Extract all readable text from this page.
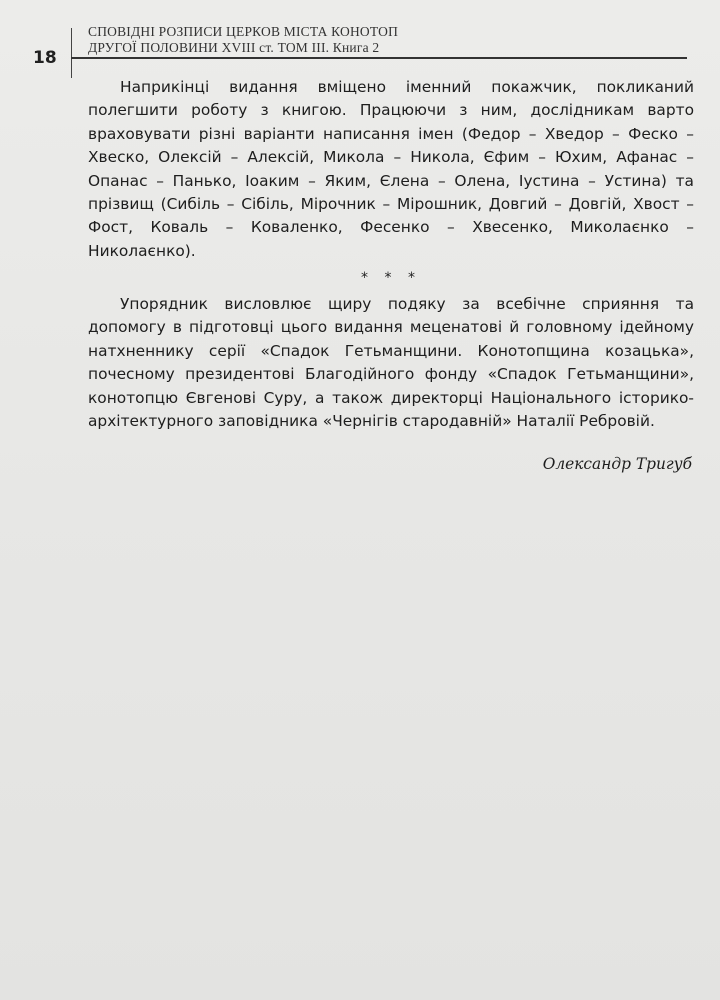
18
СПОВІДНІ РОЗПИСИ ЦЕРКОВ МІСТА КОНОТОП
ДРУГОЇ ПОЛОВИНИ XVIII ст. ТОМ III. Книга 2

Наприкінці видання вміщено іменний покажчик, покликаний полегшити роботу з книгою. Працюючи з ним, дослідникам варто враховувати різні варіанти написання імен (Федор – Хведор – Феско – Хвеско, Олексій – Алексій, Микола – Никола, Єфим – Юхим, Афанас – Опанас – Панько, Іоаким – Яким, Єлена – Олена, Іустина – Устина) та прізвищ (Сибіль – Сібіль, Мірочник – Мірошник, Довгий – Довгій, Хвост – Фост, Коваль – Коваленко, Фесенко – Хвесенко, Миколаєнко – Николаєнко).

* * *

Упорядник висловлює щиру подяку за всебічне сприяння та допомогу в підготовці цього видання меценатові й головному ідейному натхненнику серії «Спадок Гетьманщини. Конотопщина козацька», почесному президентові Благодійного фонду «Спадок Гетьманщини», конотопцю Євгенові Суру, а також директорці Національного історико-архітектурного заповідника «Чернігів стародавній» Наталії Ребровій.

Олександр Тригуб
